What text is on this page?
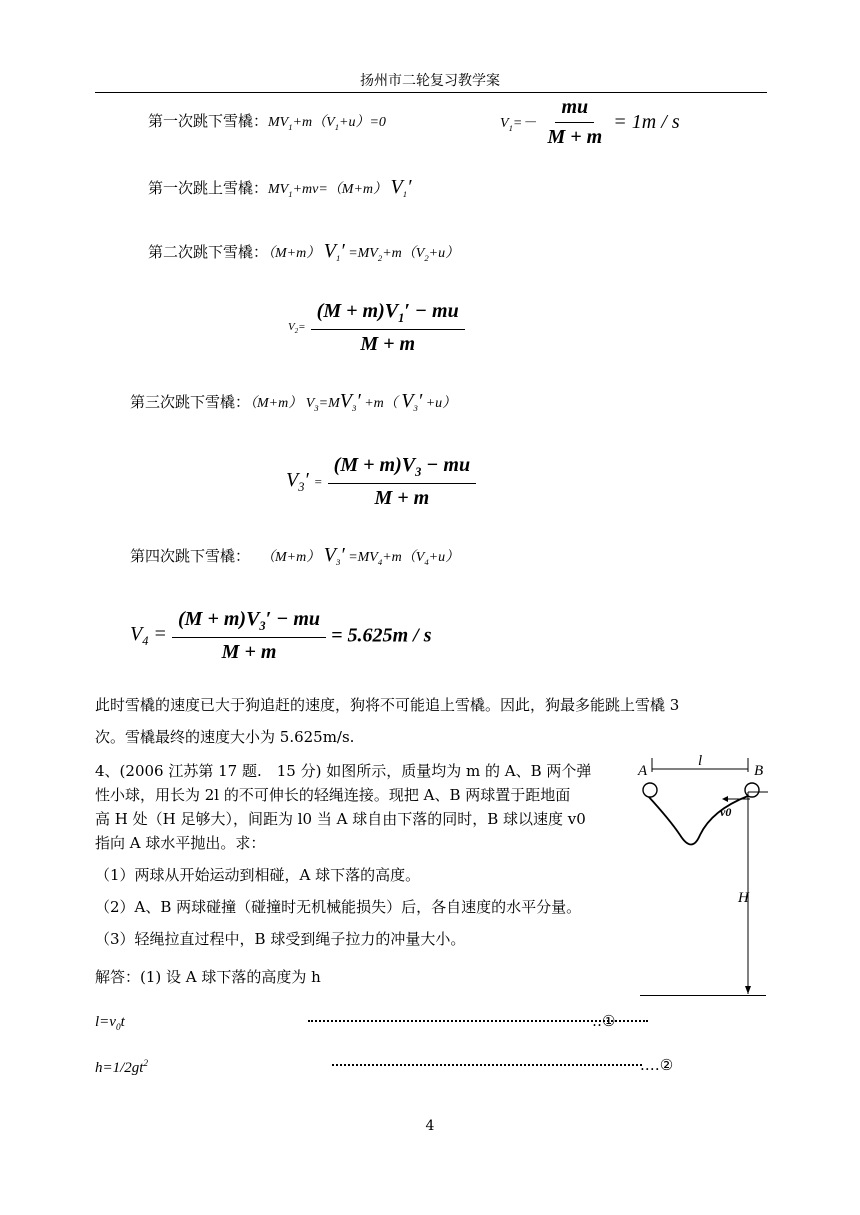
扬州市二轮复习教学案
第一次跳下雪橇：$MV_1+m(V_1+u)=0$	$V_1=- \frac{mu}{M + m} = 1m / s$
第一次跳上雪橇：$MV_1+mv=(M+m)$ $V_1'$
第二次跳下雪橇：（M+m） $V_1' =MV_2+m(V_2+u)$
$V_2= \frac{(M + m)V_1' - mu}{M + m}$
第三次跳下雪橇：（M+m） $V_3=MV_3' +m$（ $V_3' +u$）
$V_3' = \frac{(M + m)V_3 - mu}{M + m}$
第四次跳下雪橇： （M+m） $V_3' =MV_4+m(V_4+u)$
$V_4 = \frac{(M + m)V_3' - mu}{M + m} = 5.625m / s$
此时雪橇的速度已大于狗追赶的速度，狗将不可能追上雪橇。因此，狗最多能跳上雪橇 3
次。雪橇最终的速度大小为 5.625m/s.
4、(2006 江苏第 17 题.　15 分) 如图所示，质量均为 m 的 A、B 两个弹
性小球，用长为 2l 的不可伸长的轻绳连接。现把 A、B 两球置于距地面
高 H 处（H 足够大），间距为 l0 当 A 球自由下落的同时，B 球以速度 v0
指向 A 球水平抛出。求：
（1）两球从开始运动到相碰，A 球下落的高度。
（2）A、B 两球碰撞（碰撞时无机械能损失）后，各自速度的水平分量。
（3）轻绳拉直过程中，B 球受到绳子拉力的冲量大小。
A	B
l
v0
H
解答：(1) 设 A 球下落的高度为 h
$l=v_0t$	‥①
$h=1/2gt^2$	.…②
4
